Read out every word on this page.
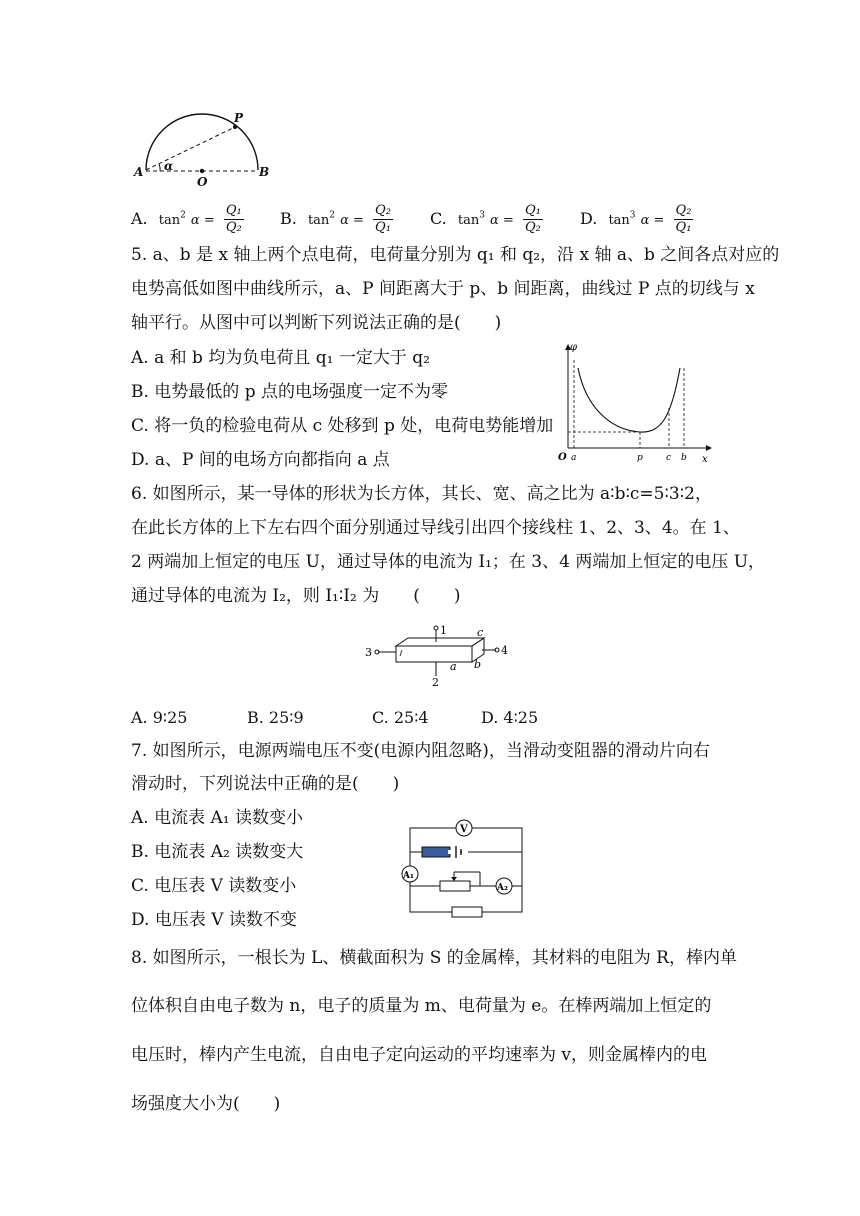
A	B
O
P
α
A. $\tan^2 \alpha = \frac{\text{Q₁}}{\text{Q₂}} B$. $\tan^2 \alpha = \frac{\text{Q₂}}{\text{Q₁}} C$. $\tan^3 \alpha = \frac{\text{Q₁}}{\text{Q₂}} D$. $\tan^3 \alpha = \frac{\text{Q₂}}{\text{Q₁}}$
5. a、b 是 x 轴上两个点电荷，电荷量分别为 q₁ 和 q₂，沿 x 轴 a、b 之间各点对应的
电势高低如图中曲线所示，a、P 间距离大于 p、b 间距离，曲线过 P 点的切线与 x
轴平行。从图中可以判断下列说法正确的是(　　)
A. a 和 b 均为负电荷且 q₁ 一定大于 q₂
B. 电势最低的 p 点的电场强度一定不为零
C. 将一负的检验电荷从 c 处移到 p 处，电荷电势能增加
D. a、P 间的电场方向都指向 a 点
φ
x
O a	p	c b
6. 如图所示，某一导体的形状为长方体，其长、宽、高之比为 a∶b∶c=5∶3∶2，
在此长方体的上下左右四个面分别通过导线引出四个接线柱 1、2、3、4。在 1、
2 两端加上恒定的电压 U，通过导体的电流为 I₁；在 3、4 两端加上恒定的电压 U，
通过导体的电流为 I₂，则 I₁∶I₂ 为　　(　　)
1
2
3	4
a b
c
A. 9∶25	B. 25∶9	C. 25∶4	D. 4∶25
7. 如图所示，电源两端电压不变(电源内阻忽略)，当滑动变阻器的滑动片向右
滑动时，下列说法中正确的是(　　)
A. 电流表 A₁ 读数变小
B. 电流表 A₂ 读数变大
C. 电压表 V 读数变小
D. 电压表 V 读数不变
V
A₁
A₂
8. 如图所示，一根长为 L、横截面积为 S 的金属棒，其材料的电阻为 R，棒内单
位体积自由电子数为 n，电子的质量为 m、电荷量为 e。在棒两端加上恒定的
电压时，棒内产生电流，自由电子定向运动的平均速率为 v，则金属棒内的电
场强度大小为(　　)
